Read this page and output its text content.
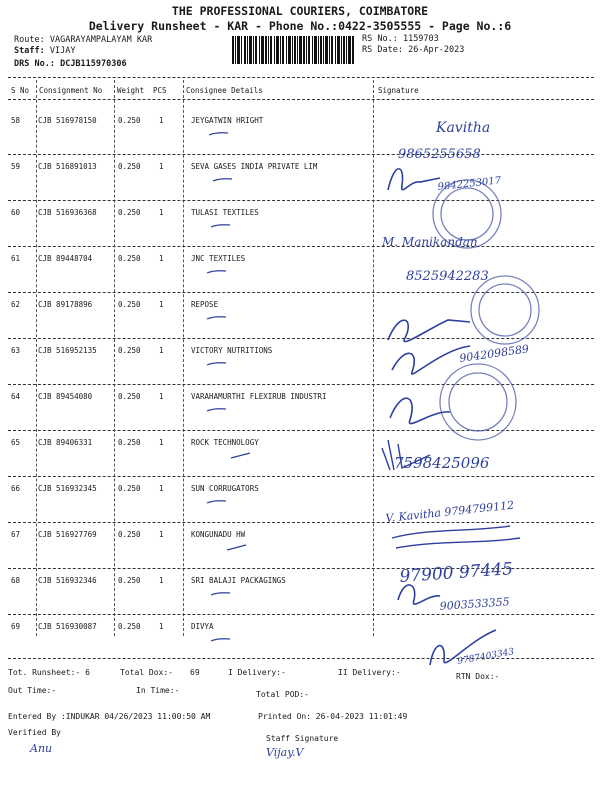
THE PROFESSIONAL COURIERS, COIMBATORE
Delivery Runsheet - KAR - Phone No.:0422-3505555 - Page No.:6
Route: VAGARAYAMPALAYAM KAR
Staff: VIJAY
DRS No.: DCJB115970306
RS No.: 1159703
RS Date: 26-Apr-2023
S No Consignment No Weight PCS	Consignee Details	Signature
58 CJB 516978150	0.250 1	JEYGATWIN HRIGHT
59 CJB 516891013	0.250 1	SEVA GASES INDIA PRIVATE LIM
60 CJB 516936368	0.250 1	TULASI TEXTILES
61 CJB 89448704	0.250 1	JNC TEXTILES
62 CJB 89178896	0.250 1	REPOSE
63 CJB 516952135	0.250 1	VICTORY NUTRITIONS
64 CJB 89454080	0.250 1	VARAHAMURTHI FLEXIRUB INDUSTRI
65 CJB 89406331	0.250 1	ROCK TECHNOLOGY
66 CJB 516932345	0.250 1	SUN CORRUGATORS
67 CJB 516927769	0.250 1	KONGUNADU HW
68 CJB 516932346	0.250 1	SRI BALAJI PACKAGINGS
69 CJB 516930087	0.250 1	DIVYA
Kavitha
9865255658
9842253017
M. Manikandan
8525942283
9042098589
7598425096
V. Kavitha 9794799112
97900 97445
9003533355
9787403343
Anu	Vijay.V
Tot. Runsheet:- 6	Total Dox:- 69	I Delivery:-	II Delivery:-	RTN Dox:-
Out Time:-	In Time:-	Total POD:-
Entered By :INDUKAR 04/26/2023 11:00:50 AM	Printed On: 26-04-2023 11:01:49
Verified By
Staff Signature
